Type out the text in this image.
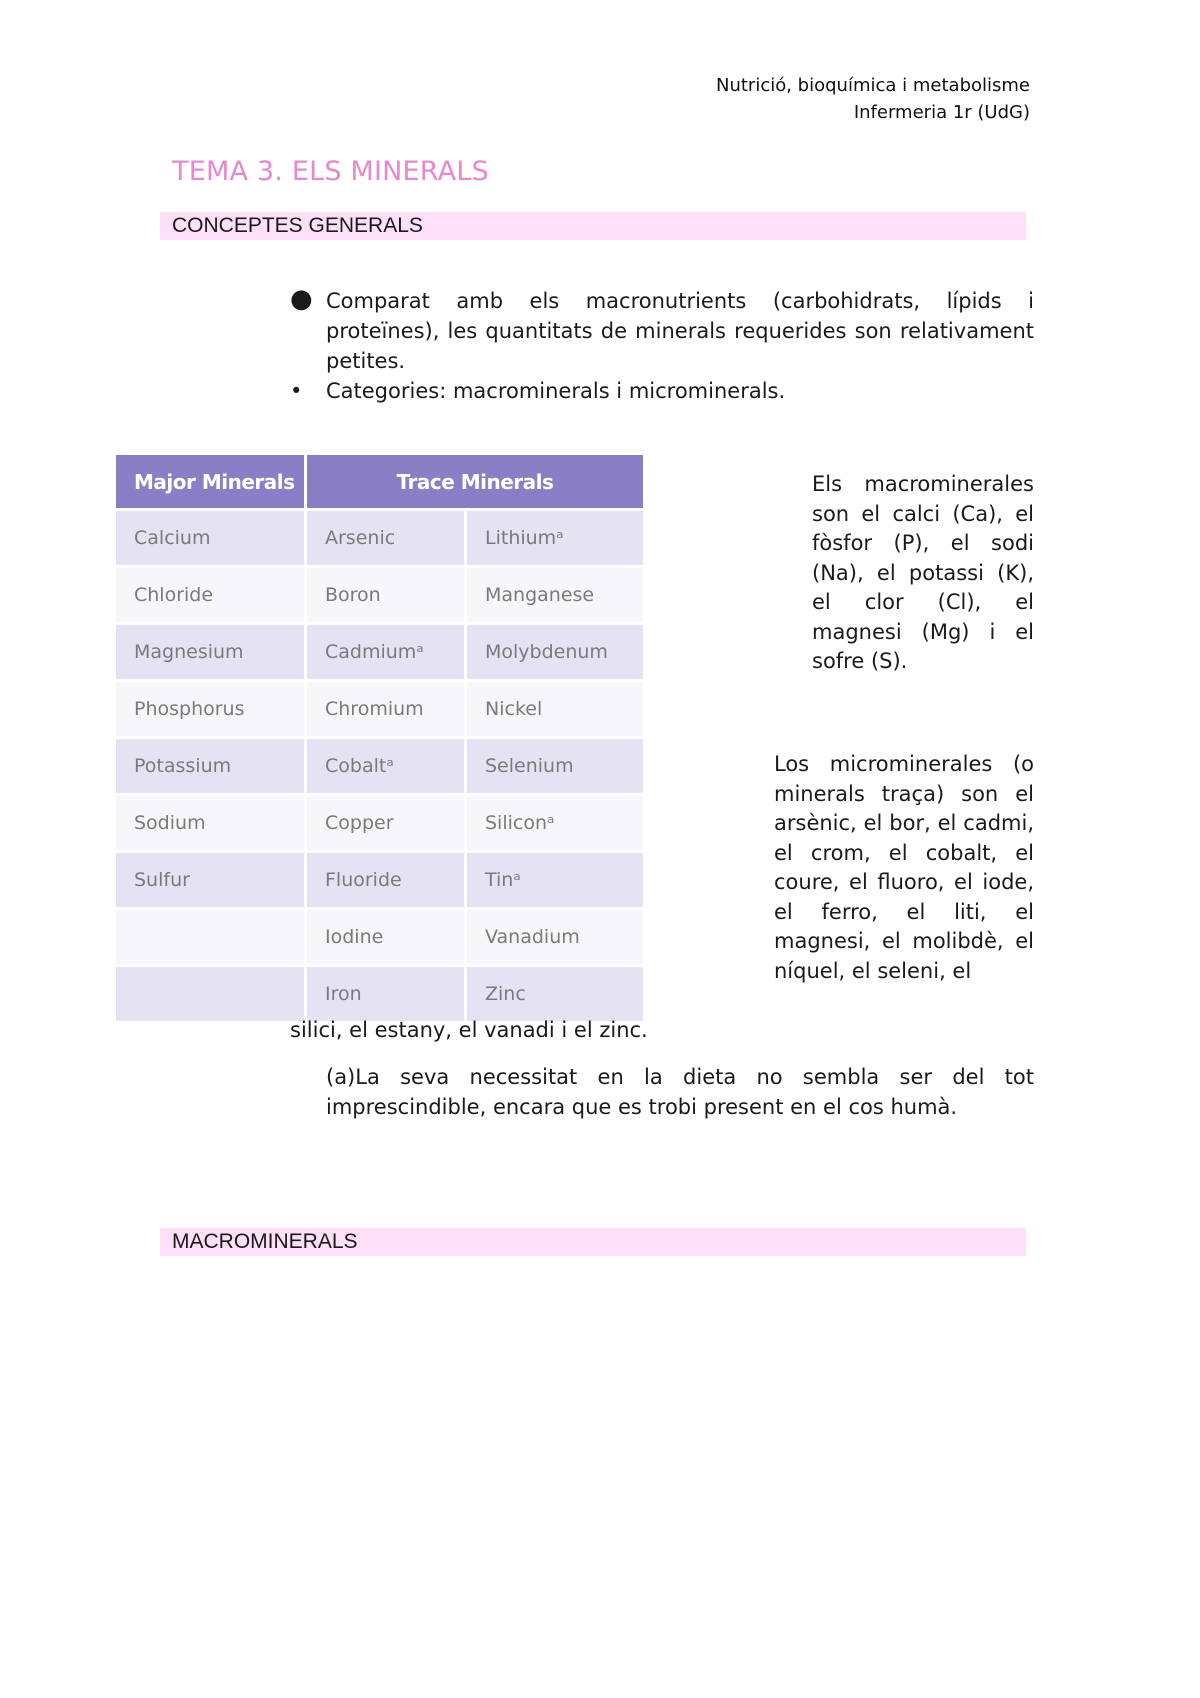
Nutrició, bioquímica i metabolisme
Infermeria 1r (UdG)
TEMA 3. ELS MINERALS
CONCEPTES GENERALS
● Comparat amb els macronutrients (carbohidrats, lípids i proteïnes), les quantitats de minerals requerides son relativament petites.
• Categories: macrominerals i microminerals.
Major Minerals	Trace Minerals	
Calcium	Arsenic	Lithiumᵃ
Chloride	Boron	Manganese
Magnesium	Cadmiumᵃ	Molybdenum
Phosphorus	Chromium	Nickel
Potassium	Cobaltᵃ	Selenium
Sodium	Copper	Siliconᵃ
Sulfur	Fluoride	Tinᵃ
	Iodine	Vanadium
	Iron	Zinc
Els macrominerales son el calci (Ca), el fòsfor (P), el sodi (Na), el potassi (K), el clor (Cl), el magnesi (Mg) i el sofre (S).
Los microminerales (o minerals traça) son el arsènic, el bor, el cadmi, el crom, el cobalt, el coure, el fluoro, el iode, el ferro, el liti, el magnesi, el molibdè, el níquel, el seleni, el
silici, el estany, el vanadi i el zinc.
(a)La seva necessitat en la dieta no sembla ser del tot imprescindible, encara que es trobi present en el cos humà.
MACROMINERALS
